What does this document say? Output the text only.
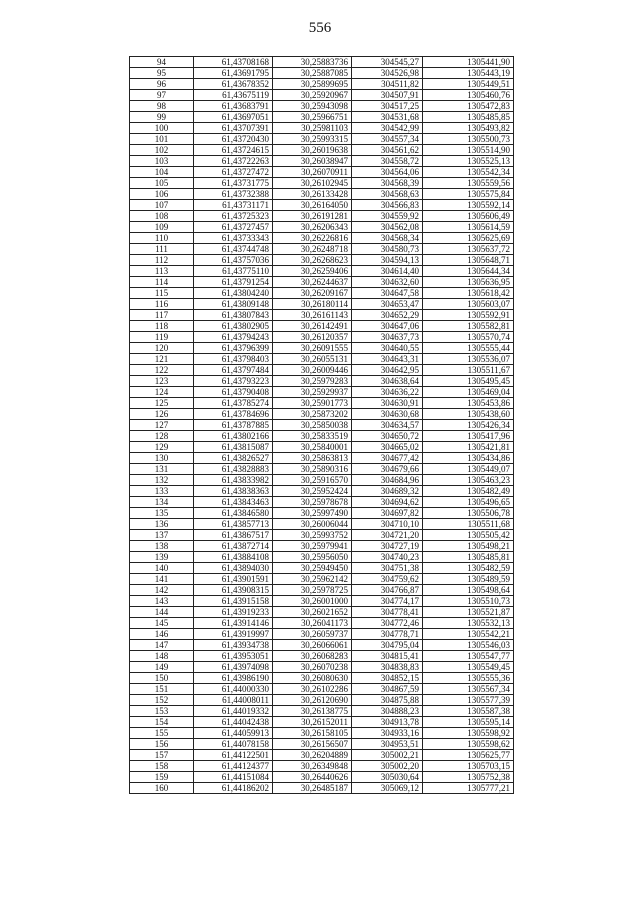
556
94	61,43708168	30,25883736	304545,27	1305441,90
95	61,43691795	30,25887085	304526,98	1305443,19
96	61,43678352	30,25899695	304511,82	1305449,51
97	61,43675119	30,25920967	304507,91	1305460,76
98	61,43683791	30,25943098	304517,25	1305472,83
99	61,43697051	30,25966751	304531,68	1305485,85
100	61,43707391	30,25981103	304542,99	1305493,82
101	61,43720430	30,25993315	304557,34	1305500,73
102	61,43724615	30,26019638	304561,62	1305514,90
103	61,43722263	30,26038947	304558,72	1305525,13
104	61,43727472	30,26070911	304564,06	1305542,34
105	61,43731775	30,26102945	304568,39	1305559,56
106	61,43732388	30,26133428	304568,63	1305575,84
107	61,43731171	30,26164050	304566,83	1305592,14
108	61,43725323	30,26191281	304559,92	1305606,49
109	61,43727457	30,26206343	304562,08	1305614,59
110	61,43733343	30,26226816	304568,34	1305625,69
111	61,43744748	30,26248718	304580,73	1305637,72
112	61,43757036	30,26268623	304594,13	1305648,71
113	61,43775110	30,26259406	304614,40	1305644,34
114	61,43791254	30,26244637	304632,60	1305636,95
115	61,43804240	30,26209167	304647,58	1305618,42
116	61,43809148	30,26180114	304653,47	1305603,07
117	61,43807843	30,26161143	304652,29	1305592,91
118	61,43802905	30,26142491	304647,06	1305582,81
119	61,43794243	30,26120357	304637,73	1305570,74
120	61,43796399	30,26091555	304640,55	1305555,44
121	61,43798403	30,26055131	304643,31	1305536,07
122	61,43797484	30,26009446	304642,95	1305511,67
123	61,43793223	30,25979283	304638,64	1305495,45
124	61,43790408	30,25929937	304636,22	1305469,04
125	61,43785274	30,25901773	304630,91	1305453,86
126	61,43784696	30,25873202	304630,68	1305438,60
127	61,43787885	30,25850038	304634,57	1305426,34
128	61,43802166	30,25833519	304650,72	1305417,96
129	61,43815087	30,25840001	304665,02	1305421,81
130	61,43826527	30,25863813	304677,42	1305434,86
131	61,43828883	30,25890316	304679,66	1305449,07
132	61,43833982	30,25916570	304684,96	1305463,23
133	61,43838363	30,25952424	304689,32	1305482,49
134	61,43843463	30,25978678	304694,62	1305496,65
135	61,43846580	30,25997490	304697,82	1305506,78
136	61,43857713	30,26006044	304710,10	1305511,68
137	61,43867517	30,25993752	304721,20	1305505,42
138	61,43872714	30,25979941	304727,19	1305498,21
139	61,43884108	30,25956050	304740,23	1305485,81
140	61,43894030	30,25949450	304751,38	1305482,59
141	61,43901591	30,25962142	304759,62	1305489,59
142	61,43908315	30,25978725	304766,87	1305498,64
143	61,43915158	30,26001000	304774,17	1305510,73
144	61,43919233	30,26021652	304778,41	1305521,87
145	61,43914146	30,26041173	304772,46	1305532,13
146	61,43919997	30,26059737	304778,71	1305542,21
147	61,43934738	30,26066061	304795,04	1305546,03
148	61,43953051	30,26068283	304815,41	1305547,77
149	61,43974098	30,26070238	304838,83	1305549,45
150	61,43986190	30,26080630	304852,15	1305555,36
151	61,44000330	30,26102286	304867,59	1305567,34
152	61,44008011	30,26120690	304875,88	1305577,39
153	61,44019332	30,26138775	304888,23	1305587,38
154	61,44042438	30,26152011	304913,78	1305595,14
155	61,44059913	30,26158105	304933,16	1305598,92
156	61,44078158	30,26156507	304953,51	1305598,62
157	61,44122501	30,26204889	305002,21	1305625,77
158	61,44124377	30,26349848	305002,20	1305703,15
159	61,44151084	30,26440626	305030,64	1305752,38
160	61,44186202	30,26485187	305069,12	1305777,21
